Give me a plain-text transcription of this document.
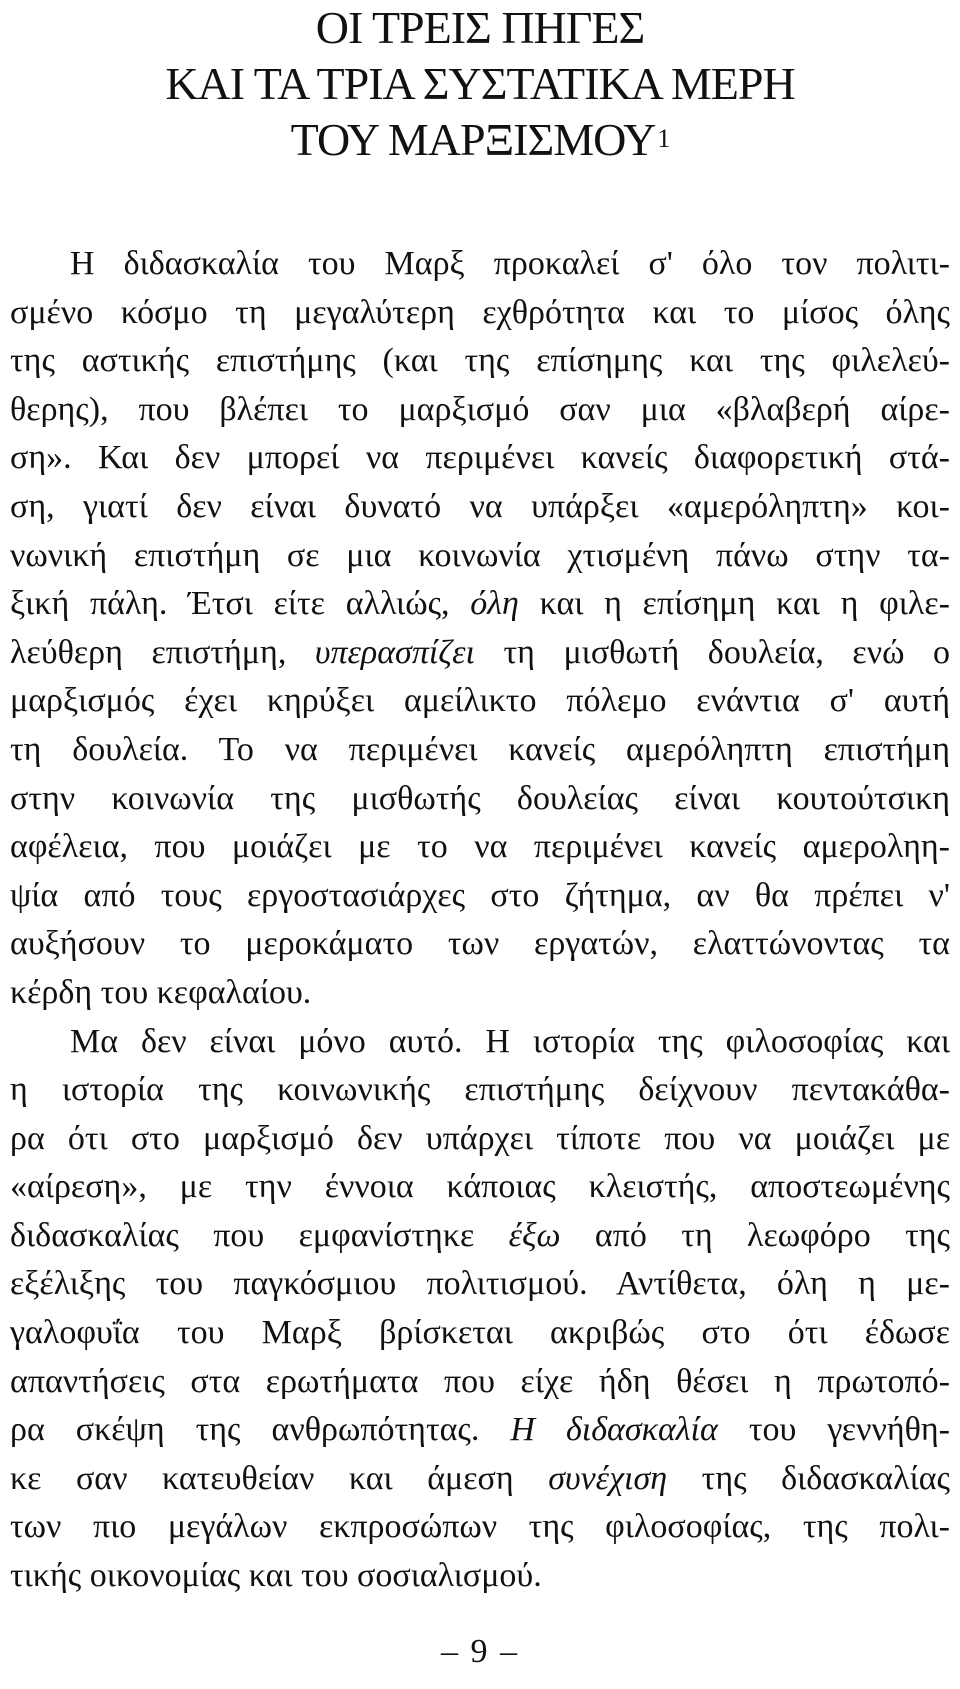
ΟΙ ΤΡΕΙΣ ΠΗΓΕΣ
ΚΑΙ ΤΑ ΤΡΙΑ ΣΥΣΤΑΤΙΚΑ ΜΕΡΗ
ΤΟΥ ΜΑΡΞΙΣΜΟΥ$^1$
Η διδασκαλία του Μαρξ προκαλεί σ' όλο τον πολιτι-
σμένο κόσμο τη μεγαλύτερη εχθρότητα και το μίσος όλης
της αστικής επιστήμης (και της επίσημης και της φιλελεύ-
θερης), που βλέπει το μαρξισμό σαν μια «βλαβερή αίρε-
ση». Και δεν μπορεί να περιμένει κανείς διαφορετική στά-
ση, γιατί δεν είναι δυνατό να υπάρξει «αμερόληπτη» κοι-
νωνική επιστήμη σε μια κοινωνία χτισμένη πάνω στην τα-
ξική πάλη. Έτσι είτε αλλιώς, όλη και η επίσημη και η φιλε-
λεύθερη επιστήμη, υπερασπίζει τη μισθωτή δουλεία, ενώ ο
μαρξισμός έχει κηρύξει αμείλικτο πόλεμο ενάντια σ' αυτή
τη δουλεία. Το να περιμένει κανείς αμερόληπτη επιστήμη
στην κοινωνία της μισθωτής δουλείας είναι κουτούτσικη
αφέλεια, που μοιάζει με το να περιμένει κανείς αμεροληη-
ψία από τους εργοστασιάρχες στο ζήτημα, αν θα πρέπει ν'
αυξήσουν το μεροκάματο των εργατών, ελαττώνοντας τα
κέρδη του κεφαλαίου.
Μα δεν είναι μόνο αυτό. Η ιστορία της φιλοσοφίας και
η ιστορία της κοινωνικής επιστήμης δείχνουν πεντακάθα-
ρα ότι στο μαρξισμό δεν υπάρχει τίποτε που να μοιάζει με
«αίρεση», με την έννοια κάποιας κλειστής, αποστεωμένης
διδασκαλίας που εμφανίστηκε έξω από τη λεωφόρο της
εξέλιξης του παγκόσμιου πολιτισμού. Αντίθετα, όλη η με-
γαλοφυΐα του Μαρξ βρίσκεται ακριβώς στο ότι έδωσε
απαντήσεις στα ερωτήματα που είχε ήδη θέσει η πρωτοπό-
ρα σκέψη της ανθρωπότητας. Η διδασκαλία του γεννήθη-
κε σαν κατευθείαν και άμεση συνέχιση της διδασκαλίας
των πιο μεγάλων εκπροσώπων της φιλοσοφίας, της πολι-
τικής οικονομίας και του σοσιαλισμού.
– 9 –
